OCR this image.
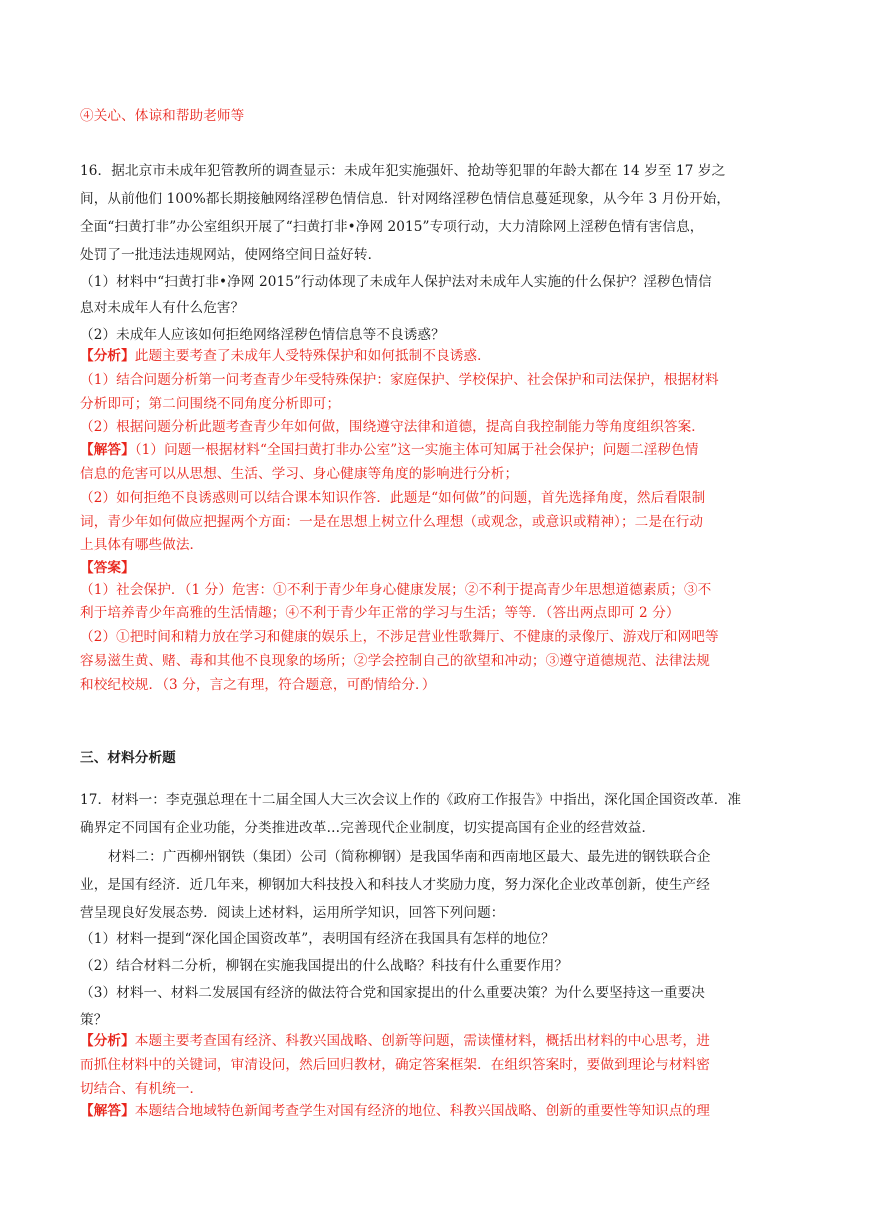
④关心、体谅和帮助老师等
16．据北京市未成年犯管教所的调查显示：未成年犯实施强奸、抢劫等犯罪的年龄大都在 14 岁至 17 岁之
间，从前他们 100%都长期接触网络淫秽色情信息．针对网络淫秽色情信息蔓延现象，从今年 3 月份开始，
全面“扫黄打非”办公室组织开展了“扫黄打非•净网 2015”专项行动，大力清除网上淫秽色情有害信息，
处罚了一批违法违规网站，使网络空间日益好转．
（1）材料中“扫黄打非•净网 2015”行动体现了未成年人保护法对未成年人实施的什么保护？淫秽色情信
息对未成年人有什么危害？
（2）未成年人应该如何拒绝网络淫秽色情信息等不良诱惑？
【分析】此题主要考查了未成年人受特殊保护和如何抵制不良诱惑．
（1）结合问题分析第一问考查青少年受特殊保护：家庭保护、学校保护、社会保护和司法保护，根据材料
分析即可；第二问围绕不同角度分析即可；
（2）根据问题分析此题考查青少年如何做，围绕遵守法律和道德，提高自我控制能力等角度组织答案．
【解答】（1）问题一根据材料“全国扫黄打非办公室”这一实施主体可知属于社会保护；问题二淫秽色情
信息的危害可以从思想、生活、学习、身心健康等角度的影响进行分析；
（2）如何拒绝不良诱惑则可以结合课本知识作答．此题是“如何做”的问题，首先选择角度，然后看限制
词，青少年如何做应把握两个方面：一是在思想上树立什么理想（或观念，或意识或精神）；二是在行动
上具体有哪些做法．
【答案】
（1）社会保护．（1 分）危害：①不利于青少年身心健康发展；②不利于提高青少年思想道德素质；③不
利于培养青少年高雅的生活情趣；④不利于青少年正常的学习与生活；等等．（答出两点即可 2 分）
（2）①把时间和精力放在学习和健康的娱乐上，不涉足营业性歌舞厅、不健康的录像厅、游戏厅和网吧等
容易滋生黄、赌、毒和其他不良现象的场所；②学会控制自己的欲望和冲动；③遵守道德规范、法律法规
和校纪校规．（3 分，言之有理，符合题意，可酌情给分．）
三、材料分析题
17．材料一：李克强总理在十二届全国人大三次会议上作的《政府工作报告》中指出，深化国企国资改革．准
确界定不同国有企业功能，分类推进改革…完善现代企业制度，切实提高国有企业的经营效益．
材料二：广西柳州钢铁（集团）公司（简称柳钢）是我国华南和西南地区最大、最先进的钢铁联合企
业，是国有经济．近几年来，柳钢加大科技投入和科技人才奖励力度，努力深化企业改革创新，使生产经
营呈现良好发展态势．阅读上述材料，运用所学知识，回答下列问题：
（1）材料一提到“深化国企国资改革”，表明国有经济在我国具有怎样的地位？
（2）结合材料二分析，柳钢在实施我国提出的什么战略？科技有什么重要作用？
（3）材料一、材料二发展国有经济的做法符合党和国家提出的什么重要决策？为什么要坚持这一重要决
策？
【分析】本题主要考查国有经济、科教兴国战略、创新等问题，需读懂材料，概括出材料的中心思考，进
而抓住材料中的关键词，审清设问，然后回归教材，确定答案框架．在组织答案时，要做到理论与材料密
切结合、有机统一．
【解答】本题结合地域特色新闻考查学生对国有经济的地位、科教兴国战略、创新的重要性等知识点的理
